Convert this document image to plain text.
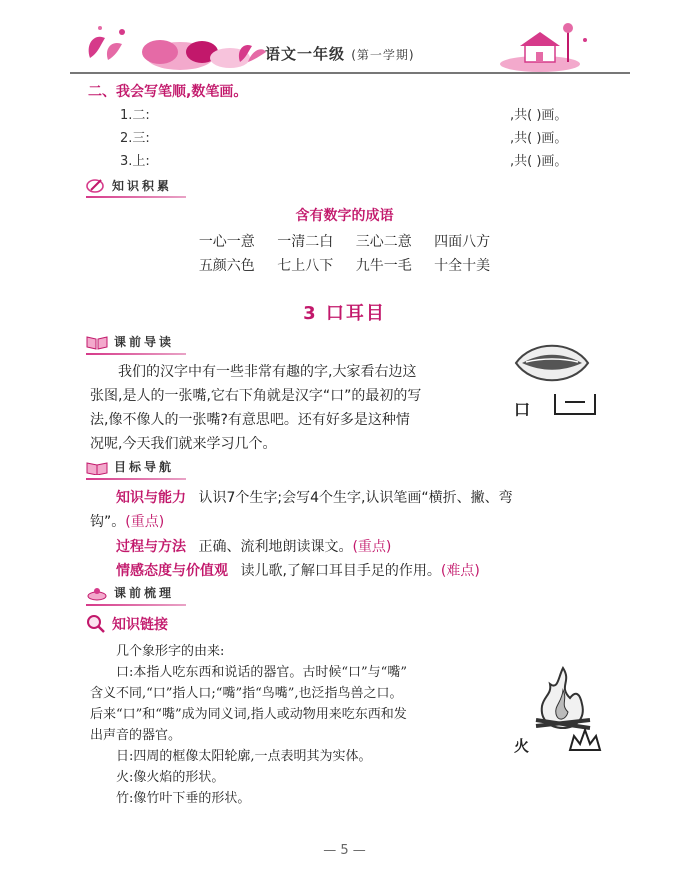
语文一年级 (第一学期)
二、我会写笔顺,数笔画。
1.二:	,共( )画。
2.三:	,共( )画。
3.上:	,共( )画。
知识积累
含有数字的成语
一心一意 一清二白 三心二意 四面八方
五颜六色 七上八下 九牛一毛 十全十美
3 口耳目
课前导读
我们的汉字中有一些非常有趣的字,大家看右边这
张图,是人的一张嘴,它右下角就是汉字“口”的最初的写
法,像不像人的一张嘴?有意思吧。还有好多是这种情
况呢,今天我们就来学习几个。
口
目标导航
知识与能力 认识7个生字;会写4个生字,认识笔画“横折、撇、弯
钩”。(重点)
过程与方法 正确、流利地朗读课文。(重点)
情感态度与价值观 读儿歌,了解口耳目手足的作用。(难点)
课前梳理
知识链接
几个象形字的由来:
口:本指人吃东西和说话的器官。古时候“口”与“嘴”
含义不同,“口”指人口;“嘴”指“鸟嘴”,也泛指鸟兽之口。
后来“口”和“嘴”成为同义词,指人或动物用来吃东西和发
出声音的器官。
日:四周的框像太阳轮廓,一点表明其为实体。
火:像火焰的形状。
竹:像竹叶下垂的形状。
火
— 5 —
